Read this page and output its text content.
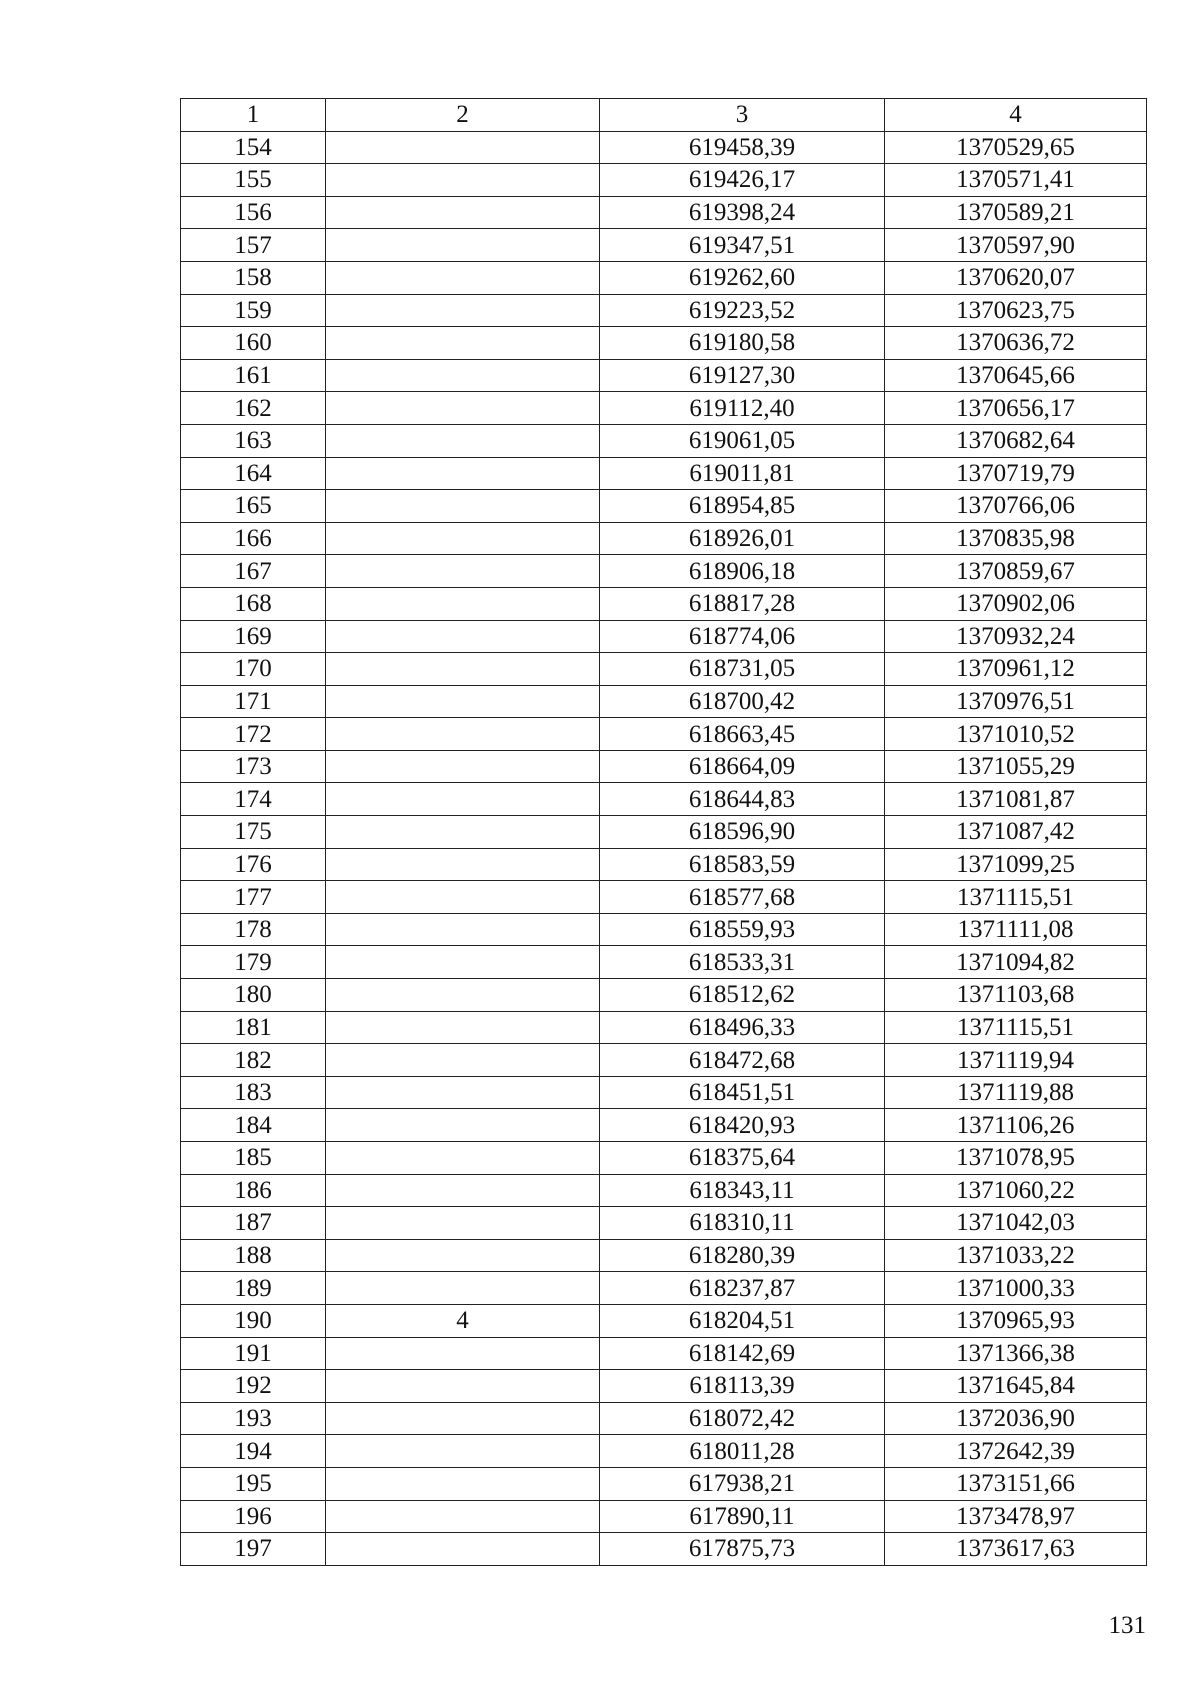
1	2	3	4
154		619458,39	1370529,65
155		619426,17	1370571,41
156		619398,24	1370589,21
157		619347,51	1370597,90
158		619262,60	1370620,07
159		619223,52	1370623,75
160		619180,58	1370636,72
161		619127,30	1370645,66
162		619112,40	1370656,17
163		619061,05	1370682,64
164		619011,81	1370719,79
165		618954,85	1370766,06
166		618926,01	1370835,98
167		618906,18	1370859,67
168		618817,28	1370902,06
169		618774,06	1370932,24
170		618731,05	1370961,12
171		618700,42	1370976,51
172		618663,45	1371010,52
173		618664,09	1371055,29
174		618644,83	1371081,87
175		618596,90	1371087,42
176		618583,59	1371099,25
177		618577,68	1371115,51
178		618559,93	1371111,08
179		618533,31	1371094,82
180		618512,62	1371103,68
181		618496,33	1371115,51
182		618472,68	1371119,94
183		618451,51	1371119,88
184		618420,93	1371106,26
185		618375,64	1371078,95
186		618343,11	1371060,22
187		618310,11	1371042,03
188		618280,39	1371033,22
189		618237,87	1371000,33
190	4	618204,51	1370965,93
191		618142,69	1371366,38
192		618113,39	1371645,84
193		618072,42	1372036,90
194		618011,28	1372642,39
195		617938,21	1373151,66
196		617890,11	1373478,97
197		617875,73	1373617,63
131
